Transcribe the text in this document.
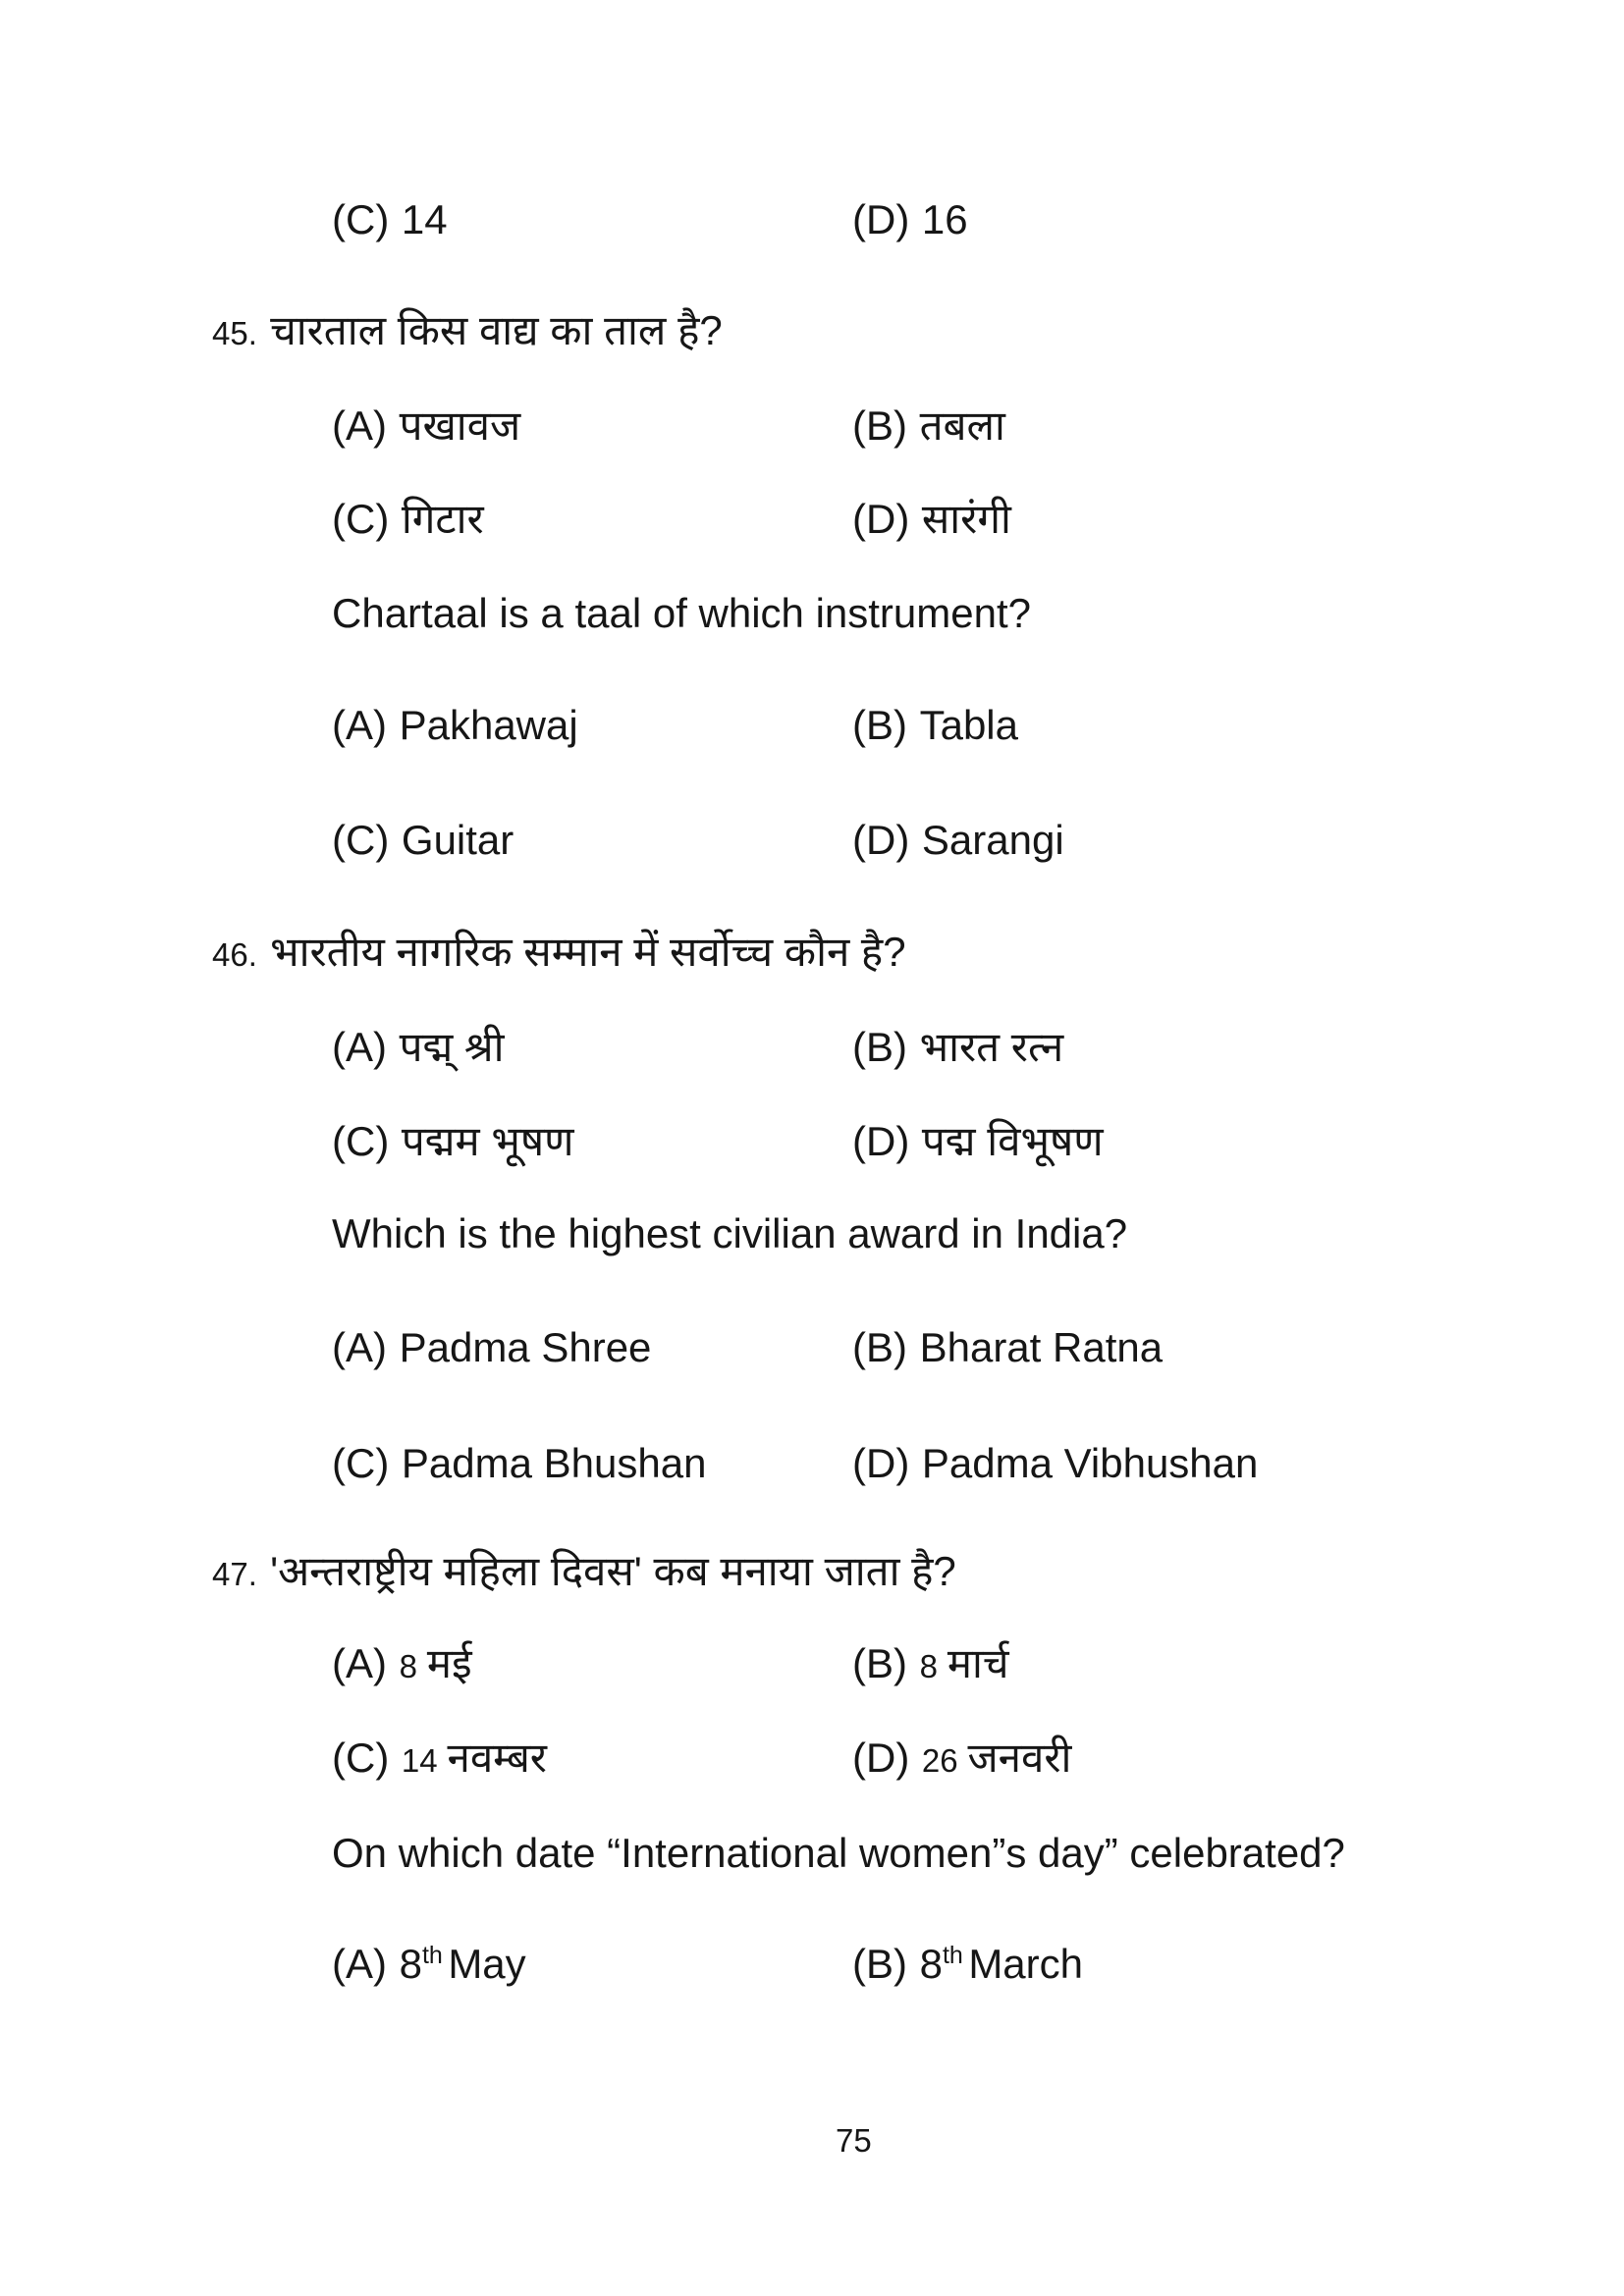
(C) 14	(D) 16
45. चारताल किस वाद्य का ताल है?
(A) पखावज	(B) तबला
(C) गिटार	(D) सारंगी
Chartaal is a taal of which instrument?
(A) Pakhawaj	(B) Tabla
(C) Guitar	(D) Sarangi
46. भारतीय नागरिक सम्मान में सर्वोच्च कौन है?
(A) पद्म् श्री	(B) भारत रत्न
(C) पद्मम भूषण	(D) पद्म विभूषण
Which is the highest civilian award in India?
(A) Padma Shree	(B) Bharat Ratna
(C) Padma Bhushan	(D) Padma Vibhushan
47. 'अन्तराष्ट्रीय महिला दिवस' कब मनाया जाता है?
(A) 8 मई	(B) 8 मार्च
(C) 14 नवम्बर	(D) 26 जनवरी
On which date “International women”s day” celebrated?
(A) 8th May	(B) 8th March
75
